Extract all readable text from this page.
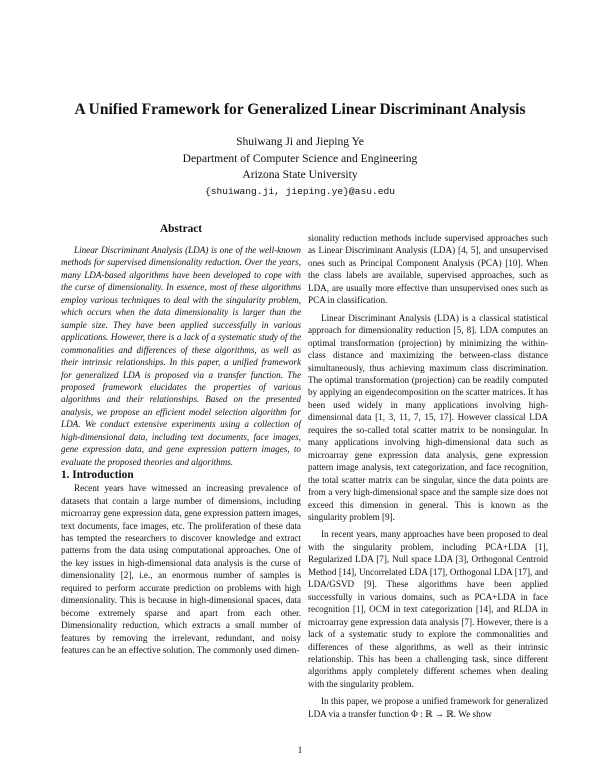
A Unified Framework for Generalized Linear Discriminant Analysis
Shuiwang Ji and Jieping Ye
Department of Computer Science and Engineering
Arizona State University
{shuiwang.ji, jieping.ye}@asu.edu
Abstract

Linear Discriminant Analysis (LDA) is one of the well-known methods for supervised dimensionality reduction. Over the years, many LDA-based algorithms have been developed to cope with the curse of dimensionality. In essence, most of these algorithms employ various techniques to deal with the singularity problem, which occurs when the data dimensionality is larger than the sample size. They have been applied successfully in various applications. However, there is a lack of a systematic study of the commonalities and differences of these algorithms, as well as their intrinsic relationships. In this paper, a unified framework for generalized LDA is proposed via a transfer function. The proposed framework elucidates the properties of various algorithms and their relationships. Based on the presented analysis, we propose an efficient model selection algorithm for LDA. We conduct extensive experiments using a collection of high-dimensional data, including text documents, face images, gene expression data, and gene expression pattern images, to evaluate the proposed theories and algorithms.

1. Introduction

Recent years have witnessed an increasing prevalence of datasets that contain a large number of dimensions, including microarray gene expression data, gene expression pattern images, text documents, face images, etc. The proliferation of these data has tempted the researchers to discover knowledge and extract patterns from the data using computational approaches. One of the key issues in high-dimensional data analysis is the curse of dimensionality [2], i.e., an enormous number of samples is required to perform accurate prediction on problems with high dimensionality. This is because in high-dimensional spaces, data become extremely sparse and apart from each other. Dimensionality reduction, which extracts a small number of features by removing the irrelevant, redundant, and noisy features can be an effective solution. The commonly used dimen-

sionality reduction methods include supervised approaches such as Linear Discriminant Analysis (LDA) [4, 5], and unsupervised ones such as Principal Component Analysis (PCA) [10]. When the class labels are available, supervised approaches, such as LDA, are usually more effective than unsupervised ones such as PCA in classification.

Linear Discriminant Analysis (LDA) is a classical statistical approach for dimensionality reduction [5, 8]. LDA computes an optimal transformation (projection) by minimizing the within-class distance and maximizing the between-class distance simultaneously, thus achieving maximum class discrimination. The optimal transformation (projection) can be readily computed by applying an eigendecomposition on the scatter matrices. It has been used widely in many applications involving high-dimensional data [1, 3, 11, 7, 15, 17]. However classical LDA requires the so-called total scatter matrix to be nonsingular. In many applications involving high-dimensional data such as microarray gene expression data analysis, gene expression pattern image analysis, text categorization, and face recognition, the total scatter matrix can be singular, since the data points are from a very high-dimensional space and the sample size does not exceed this dimension in general. This is known as the singularity problem [9].

In recent years, many approaches have been proposed to deal with the singularity problem, including PCA+LDA [1], Regularized LDA [7], Null space LDA [3], Orthogonal Centroid Method [14], Uncorrelated LDA [17], Orthogonal LDA [17], and LDA/GSVD [9]. These algorithms have been applied successfully in various domains, such as PCA+LDA in face recognition [1], OCM in text categorization [14], and RLDA in microarray gene expression data analysis [7]. However, there is a lack of a systematic study to explore the commonalities and differences of these algorithms, as well as their intrinsic relationship. This has been a challenging task, since different algorithms apply completely different schemes when dealing with the singularity problem.

In this paper, we propose a unified framework for generalized LDA via a transfer function Φ : ℝ → ℝ. We show

1
